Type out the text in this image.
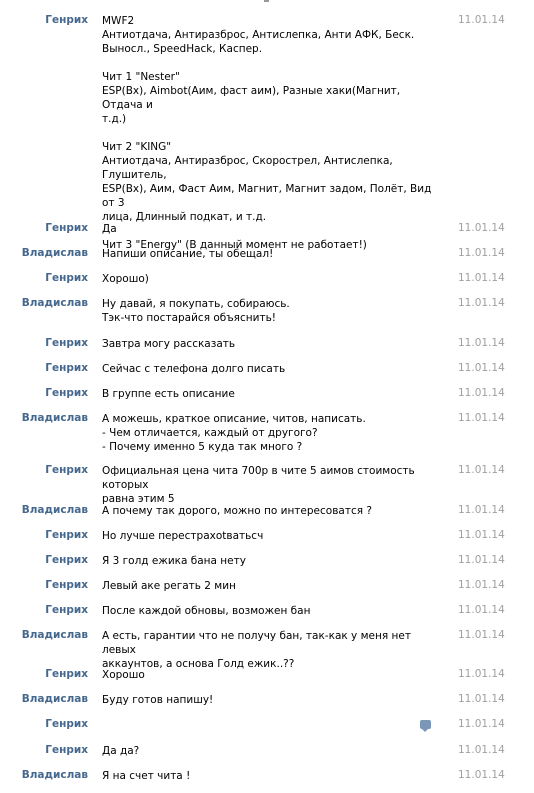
Генрих MWF2
Антиотдача, Антиразброс, Антислепка, Анти АФК, Беск.
Выносл., SpeedHack, Каспер.

Чит 1 "Nester"
ESP(Bx), Aimbot(Аим, фаст аим), Разные хаки(Магнит, Отдача и
т.д.)

Чит 2 "KING"
Антиотдача, Антиразброс, Скорострел, Антислепка, Глушитель,
ESP(Bx), Аим, Фаст Аим, Магнит, Магнит задом, Полёт, Вид от 3
лица, Длинный подкат, и т.д.

Чит 3 "Energy" (В данный момент не работает!)
11.01.14
Генрих Да	11.01.14
Владислав Напиши описание, ты обещал!	11.01.14
Генрих Хорошо)	11.01.14
Владислав Ну давай, я покупать, собираюсь.
Тэк-что постарайся объяснить!
11.01.14
Генрих Завтра могу рассказать	11.01.14
Генрих Сейчас с телефона долго писать	11.01.14
Генрих В группе есть описание	11.01.14
Владислав А можешь, краткое описание, читов, написать.
- Чем отличается, каждый от другого?
- Почему именно 5 куда так много ?
11.01.14
Генрих Официальная цена чита 700р в чите 5 аимов стоимость которых
равна этим 5
11.01.14
Владислав А почему так дорого, можно по интересоватся ?	11.01.14
Генрих Но лучше перестрахоtватьсч	11.01.14
Генрих Я 3 голд ежика бана нету	11.01.14
Генрих Левый аке регать 2 мин	11.01.14
Генрих После каждой обновы, возможен бан	11.01.14
Владислав А есть, гарантии что не получу бан, так-как у меня нет левых
аккаунтов, а основа Голд ежик..??
11.01.14
Генрих Хорошо	11.01.14
Владислав Буду готов напишу!	11.01.14
Генрих
	11.01.14
Генрих Да да?	11.01.14
Владислав Я на счет чита !	11.01.14
